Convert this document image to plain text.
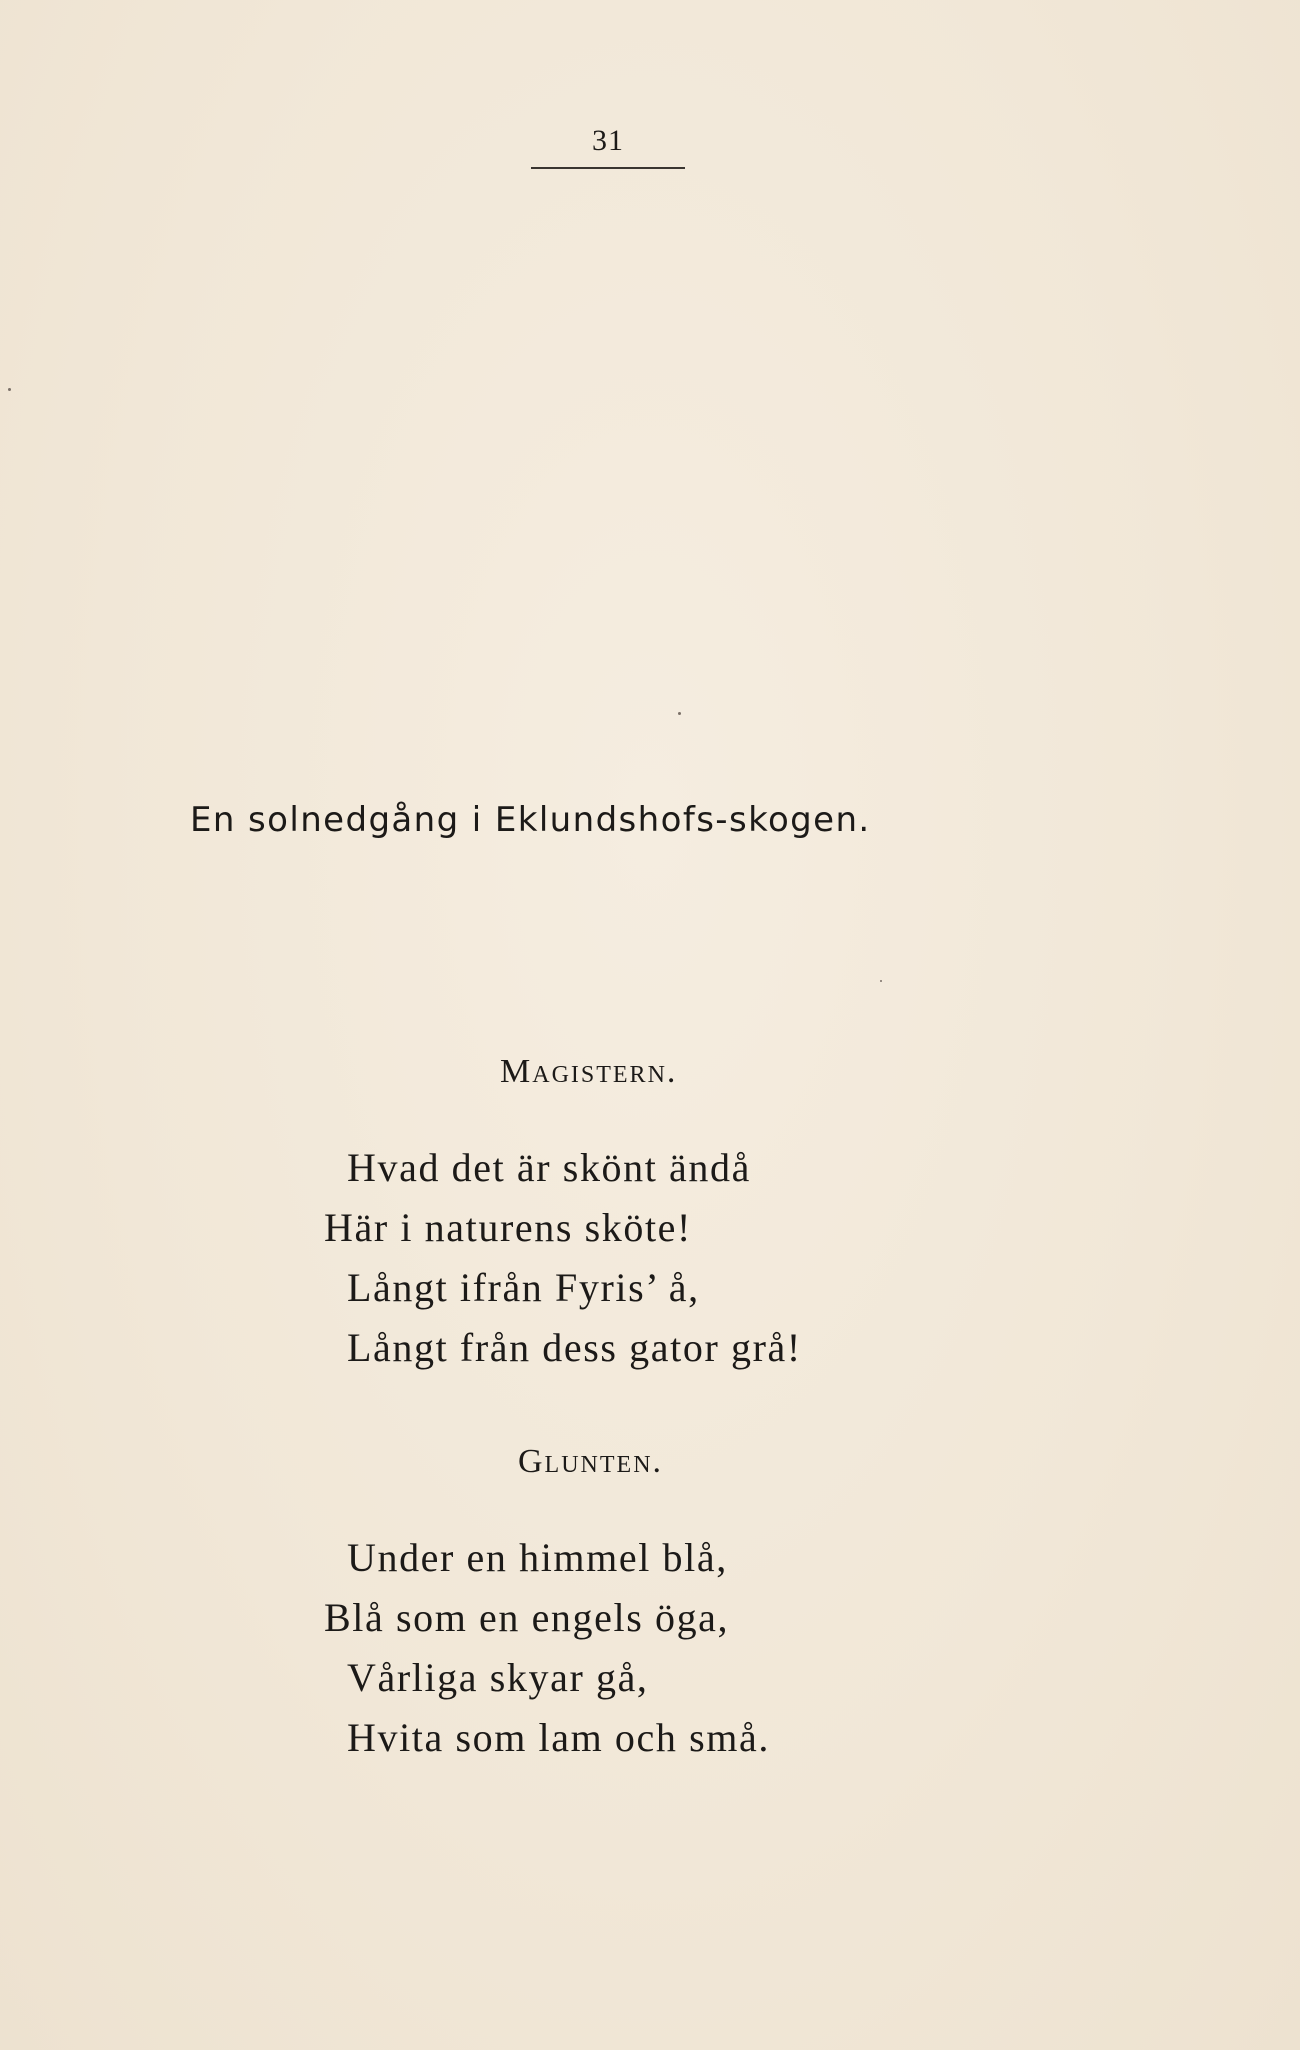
31
En solnedgång i Eklundshofs-skogen.
Magistern.
Hvad det är skönt ändå
Här i naturens sköte!
Långt ifrån Fyris’ å,
Långt från dess gator grå!
Glunten.
Under en himmel blå,
Blå som en engels öga,
Vårliga skyar gå,
Hvita som lam och små.
